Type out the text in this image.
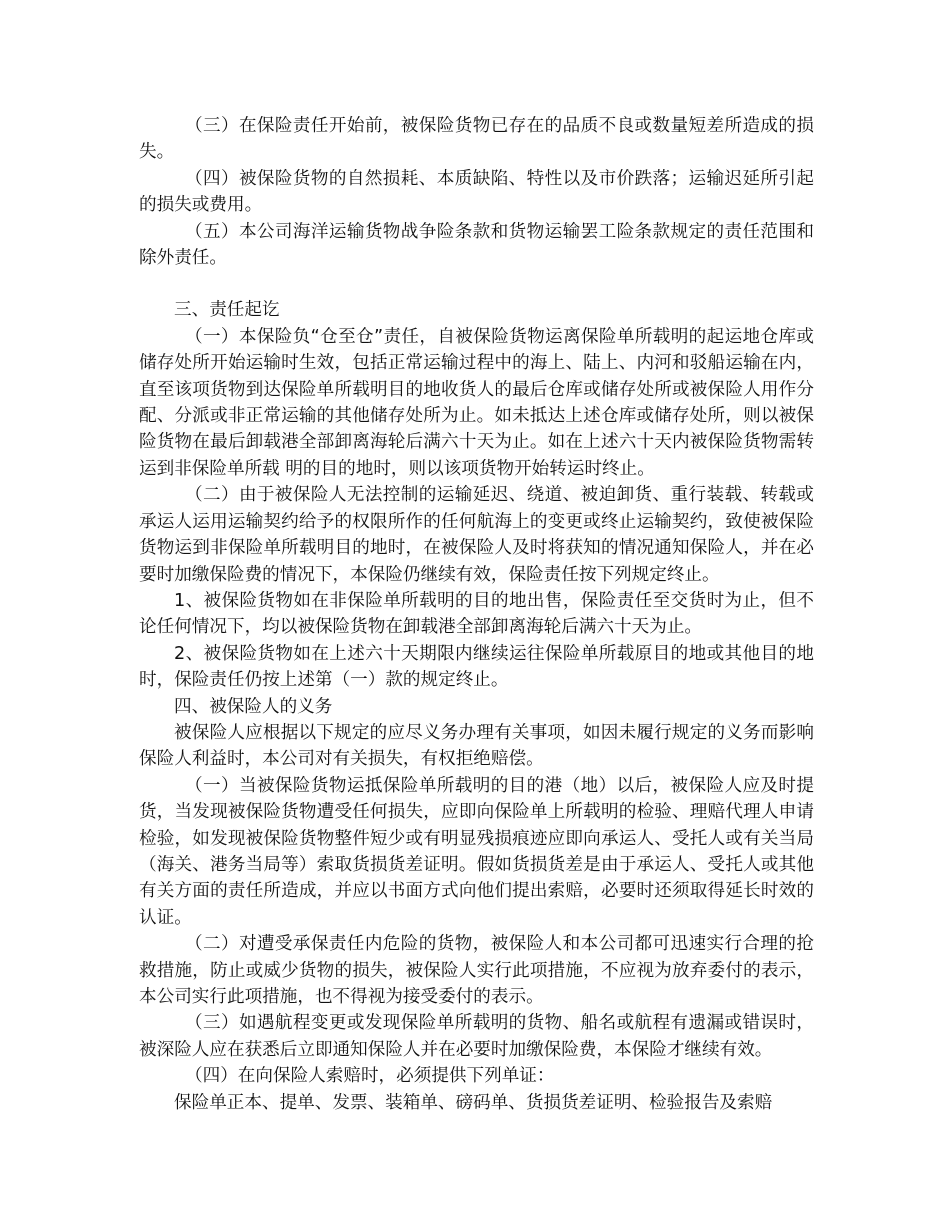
（三）在保险责任开始前，被保险货物已存在的品质不良或数量短差所造成的损失。

（四）被保险货物的自然损耗、本质缺陷、特性以及市价跌落；运输迟延所引起的损失或费用。

（五）本公司海洋运输货物战争险条款和货物运输罢工险条款规定的责任范围和除外责任。

三、责任起讫

（一）本保险负“仓至仓”责任，自被保险货物运离保险单所载明的起运地仓库或储存处所开始运输时生效，包括正常运输过程中的海上、陆上、内河和驳船运输在内，直至该项货物到达保险单所载明目的地收货人的最后仓库或储存处所或被保险人用作分配、分派或非正常运输的其他储存处所为止。如未抵达上述仓库或储存处所，则以被保险货物在最后卸载港全部卸离海轮后满六十天为止。如在上述六十天内被保险货物需转运到非保险单所载 明的目的地时，则以该项货物开始转运时终止。

（二）由于被保险人无法控制的运输延迟、绕道、被迫卸货、重行装载、转载或承运人运用运输契约给予的权限所作的任何航海上的变更或终止运输契约，致使被保险货物运到非保险单所载明目的地时，在被保险人及时将获知的情况通知保险人，并在必要时加缴保险费的情况下，本保险仍继续有效，保险责任按下列规定终止。

1、被保险货物如在非保险单所载明的目的地出售，保险责任至交货时为止，但不论任何情况下，均以被保险货物在卸载港全部卸离海轮后满六十天为止。

2、被保险货物如在上述六十天期限内继续运往保险单所载原目的地或其他目的地时，保险责任仍按上述第（一）款的规定终止。

四、被保险人的义务

被保险人应根据以下规定的应尽义务办理有关事项，如因未履行规定的义务而影响保险人利益时，本公司对有关损失，有权拒绝赔偿。

（一）当被保险货物运抵保险单所载明的目的港（地）以后，被保险人应及时提货，当发现被保险货物遭受任何损失，应即向保险单上所载明的检验、理赔代理人申请检验，如发现被保险货物整件短少或有明显残损痕迹应即向承运人、受托人或有关当局（海关、港务当局等）索取货损货差证明。假如货损货差是由于承运人、受托人或其他有关方面的责任所造成，并应以书面方式向他们提出索赔，必要时还须取得延长时效的认证。

（二）对遭受承保责任内危险的货物，被保险人和本公司都可迅速实行合理的抢救措施，防止或威少货物的损失，被保险人实行此项措施，不应视为放弃委付的表示，本公司实行此项措施，也不得视为接受委付的表示。

（三）如遇航程变更或发现保险单所载明的货物、船名或航程有遗漏或错误时，被深险人应在获悉后立即通知保险人并在必要时加缴保险费，本保险才继续有效。

（四）在向保险人索赔时，必须提供下列单证：

保险单正本、提单、发票、装箱单、磅码单、货损货差证明、检验报告及索赔
